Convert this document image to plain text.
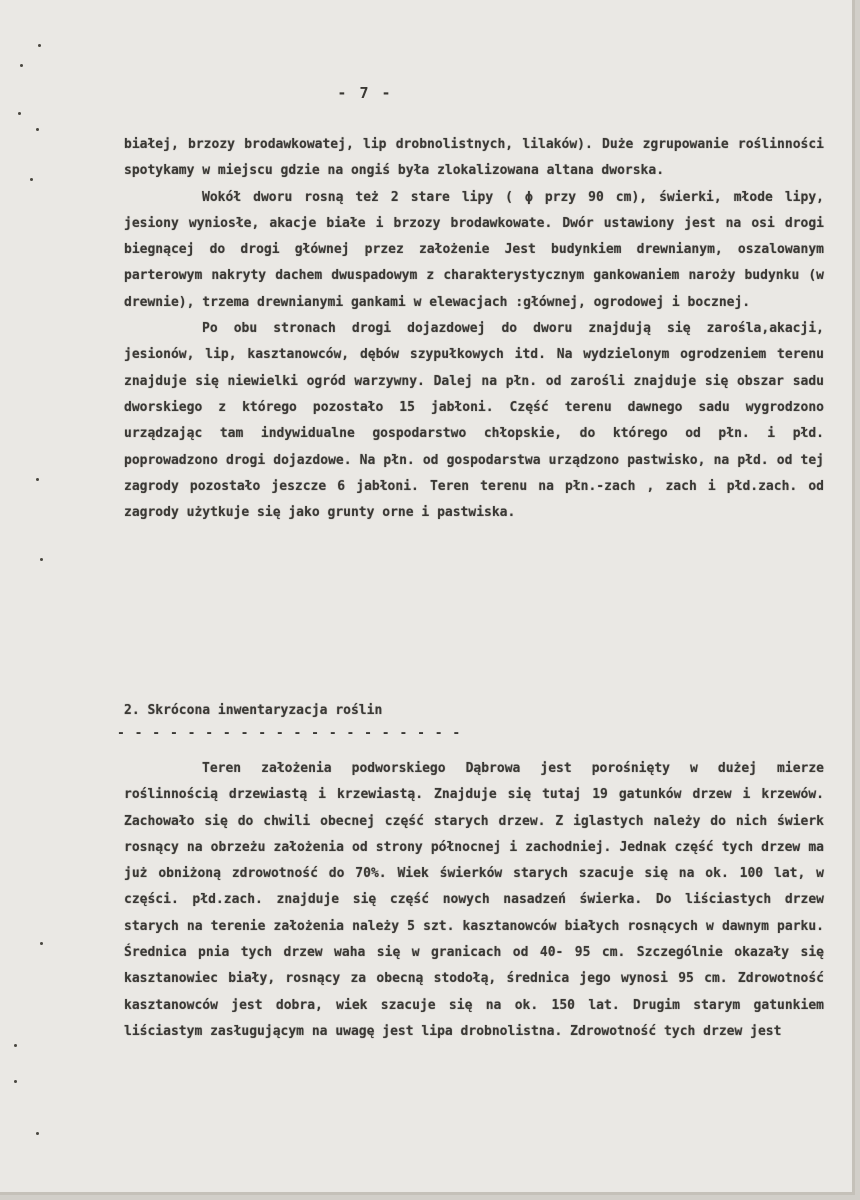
- 7 -

białej, brzozy brodawkowatej, lip drobnolistnych, lilaków). Duże zgrupowanie roślinności spotykamy w miejscu gdzie na ongiś była zlokalizowana altana dworska.

Wokół dworu rosną też 2 stare lipy ( ϕ przy 90 cm), świerki, młode lipy, jesiony wyniosłe, akacje białe i brzozy brodawkowate. Dwór ustawiony jest na osi drogi biegnącej do drogi głównej przez założenie Jest budynkiem drewnianym, oszalowanym parterowym nakryty dachem dwuspadowym z charakterystycznym gankowaniem naroży budynku (w drewnie), trzema drewnianymi gankami w elewacjach :głównej, ogrodowej i bocznej.

Po obu stronach drogi dojazdowej do dworu znajdują się zarośla,akacji, jesionów, lip, kasztanowców, dębów szypułkowych itd. Na wydzielonym ogrodzeniem terenu znajduje się niewielki ogród warzywny. Dalej na płn. od zarośli znajduje się obszar sadu dworskiego z którego pozostało 15 jabłoni. Część terenu dawnego sadu wygrodzono urządzając tam indywidualne gospodarstwo chłopskie, do którego od płn. i płd. poprowadzono drogi dojazdowe. Na płn. od gospodarstwa urządzono pastwisko, na płd. od tej zagrody pozostało jeszcze 6 jabłoni. Teren terenu na płn.-zach , zach i płd.zach. od zagrody użytkuje się jako grunty orne i pastwiska.

2. Skrócona inwentaryzacja roślin
- - - - - - - - - - - - - - - - - - - -

Teren założenia podworskiego Dąbrowa jest porośnięty w dużej mierze roślinnością drzewiastą i krzewiastą. Znajduje się tutaj 19 gatunków drzew i krzewów. Zachowało się do chwili obecnej część starych drzew. Z iglastych należy do nich świerk rosnący na obrzeżu założenia od strony północnej i zachodniej. Jednak część tych drzew ma już obniżoną zdrowotność do 70%. Wiek świerków starych szacuje się na ok. 100 lat, w części. płd.zach. znajduje się część nowych nasadzeń świerka. Do liściastych drzew starych na terenie założenia należy 5 szt. kasztanowców białych rosnących w dawnym parku. Średnica pnia tych drzew waha się w granicach od 40- 95 cm. Szczególnie okazały się kasztanowiec biały, rosnący za obecną stodołą, średnica jego wynosi 95 cm. Zdrowotność kasztanowców jest dobra, wiek szacuje się na ok. 150 lat. Drugim starym gatunkiem liściastym zasługującym na uwagę jest lipa drobnolistna. Zdrowotność tych drzew jest
